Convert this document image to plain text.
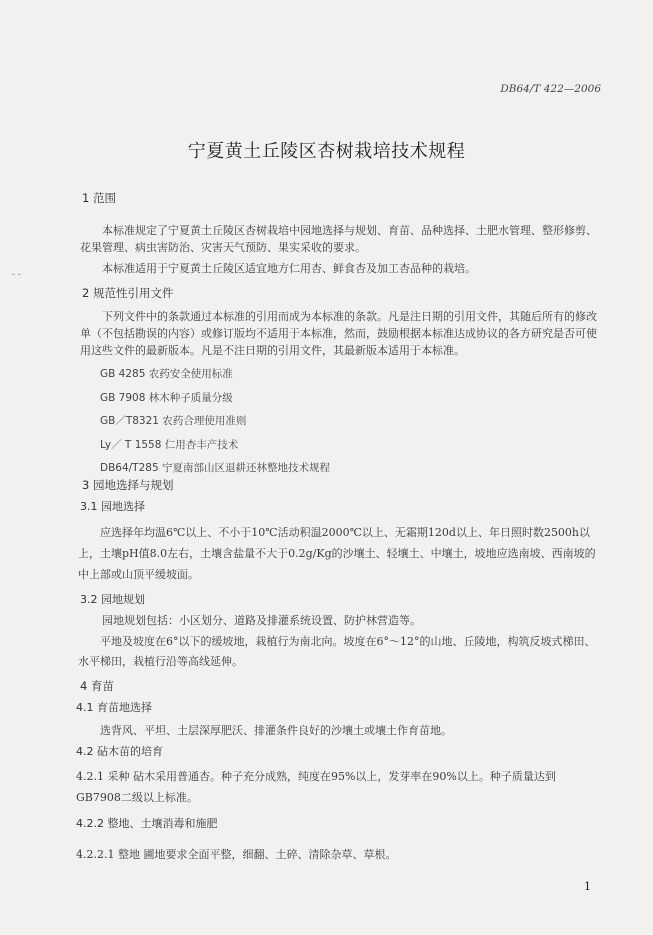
DB64/T 422—2006
宁夏黄土丘陵区杏树栽培技术规程
- -
1 范围
本标准规定了宁夏黄土丘陵区杏树栽培中园地选择与规划、育苗、品种选择、土肥水管理、整形修剪、花果管理、病虫害防治、灾害天气预防、果实采收的要求。
本标准适用于宁夏黄土丘陵区适宜地方仁用杏、鲜食杏及加工杏品种的栽培。
2 规范性引用文件
下列文件中的条款通过本标准的引用而成为本标准的条款。凡是注日期的引用文件，其随后所有的修改单（不包括勘误的内容）或修订版均不适用于本标准，然而，鼓励根据本标准达成协议的各方研究是否可使用这些文件的最新版本。凡是不注日期的引用文件，其最新版本适用于本标准。
GB 4285 农药安全使用标准
GB 7908 林木种子质量分级
GB／T8321 农药合理使用准则
Ly／ T 1558 仁用杏丰产技术
DB64/T285 宁夏南部山区退耕还林整地技术规程
3 园地选择与规划
3.1 园地选择
应选择年均温6℃以上、不小于10℃活动积温2000℃以上、无霜期120d以上、年日照时数2500h以上，土壤pH值8.0左右，土壤含盐量不大于0.2g/Kg的沙壤土、轻壤土、中壤土，坡地应选南坡、西南坡的中上部或山顶平缓坡面。
3.2 园地规划
园地规划包括：小区划分、道路及排灌系统设置、防护林营造等。
平地及坡度在6°以下的缓坡地，栽植行为南北向。坡度在6°～12°的山地、丘陵地，构筑反坡式梯田、水平梯田，栽植行沿等高线延伸。
4 育苗
4.1 育苗地选择
选背风、平坦、土层深厚肥沃、排灌条件良好的沙壤土或壤土作育苗地。
4.2 砧木苗的培育
4.2.1 采种 砧木采用普通杏。种子充分成熟，纯度在95%以上，发芽率在90%以上。种子质量达到GB7908二级以上标准。
4.2.2 整地、土壤消毒和施肥
4.2.2.1 整地 圃地要求全面平整，细翻、土碎、清除杂草、草根。
1
